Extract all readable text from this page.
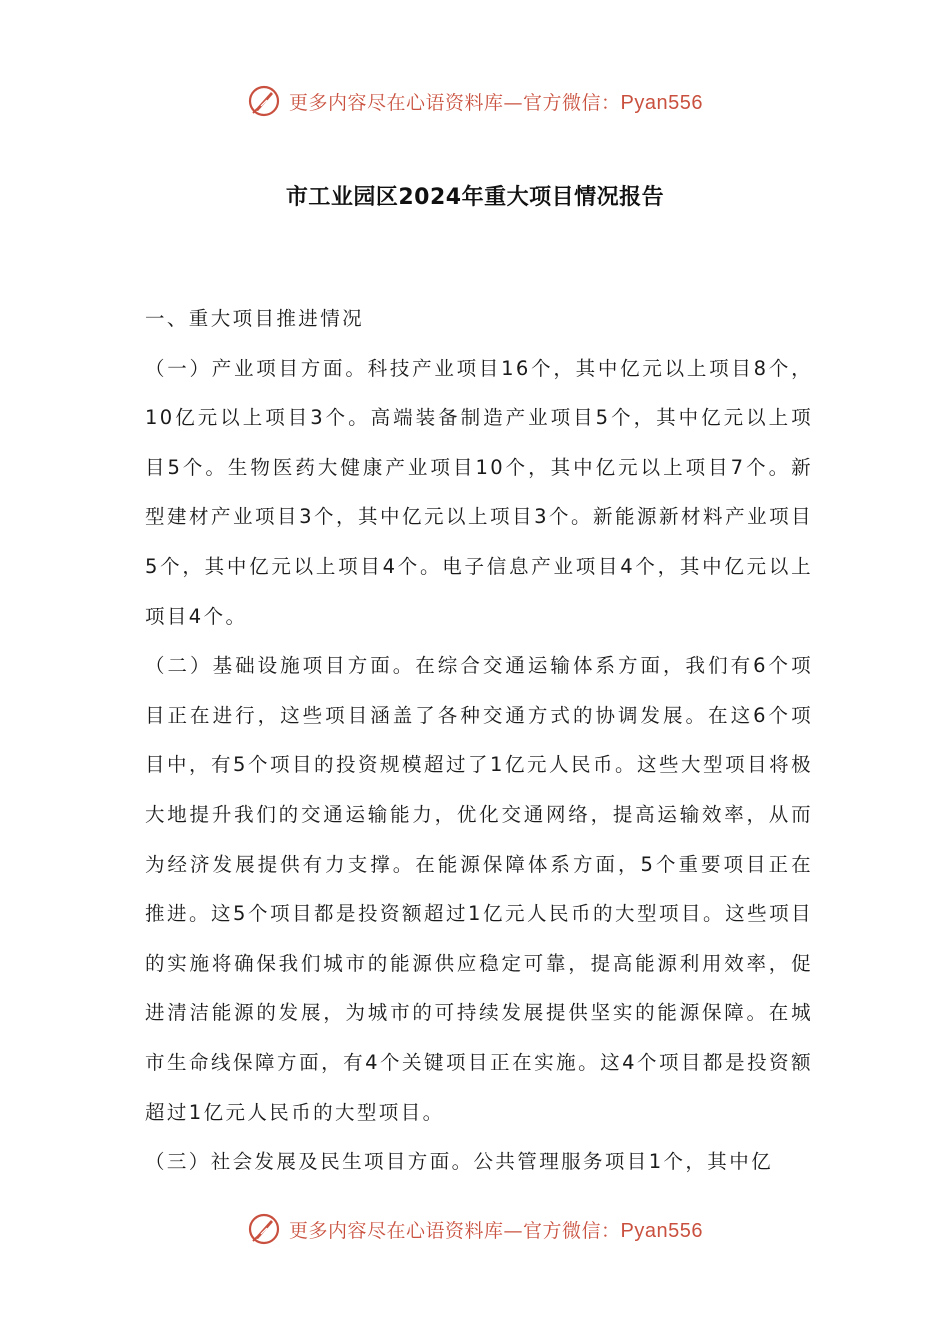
更多内容尽在心语资料库—官方微信：Pyan556
市工业园区2024年重大项目情况报告

一、重大项目推进情况

（一）产业项目方面。科技产业项目16个，其中亿元以上项目8个，10亿元以上项目3个。高端装备制造产业项目5个，其中亿元以上项目5个。生物医药大健康产业项目10个，其中亿元以上项目7个。新型建材产业项目3个，其中亿元以上项目3个。新能源新材料产业项目5个，其中亿元以上项目4个。电子信息产业项目4个，其中亿元以上项目4个。

（二）基础设施项目方面。在综合交通运输体系方面，我们有6个项目正在进行，这些项目涵盖了各种交通方式的协调发展。在这6个项目中，有5个项目的投资规模超过了1亿元人民币。这些大型项目将极大地提升我们的交通运输能力，优化交通网络，提高运输效率，从而为经济发展提供有力支撑。在能源保障体系方面，5个重要项目正在推进。这5个项目都是投资额超过1亿元人民币的大型项目。这些项目的实施将确保我们城市的能源供应稳定可靠，提高能源利用效率，促进清洁能源的发展，为城市的可持续发展提供坚实的能源保障。在城市生命线保障方面，有4个关键项目正在实施。这4个项目都是投资额超过1亿元人民币的大型项目。

（三）社会发展及民生项目方面。公共管理服务项目1个，其中亿

更多内容尽在心语资料库—官方微信：Pyan556
